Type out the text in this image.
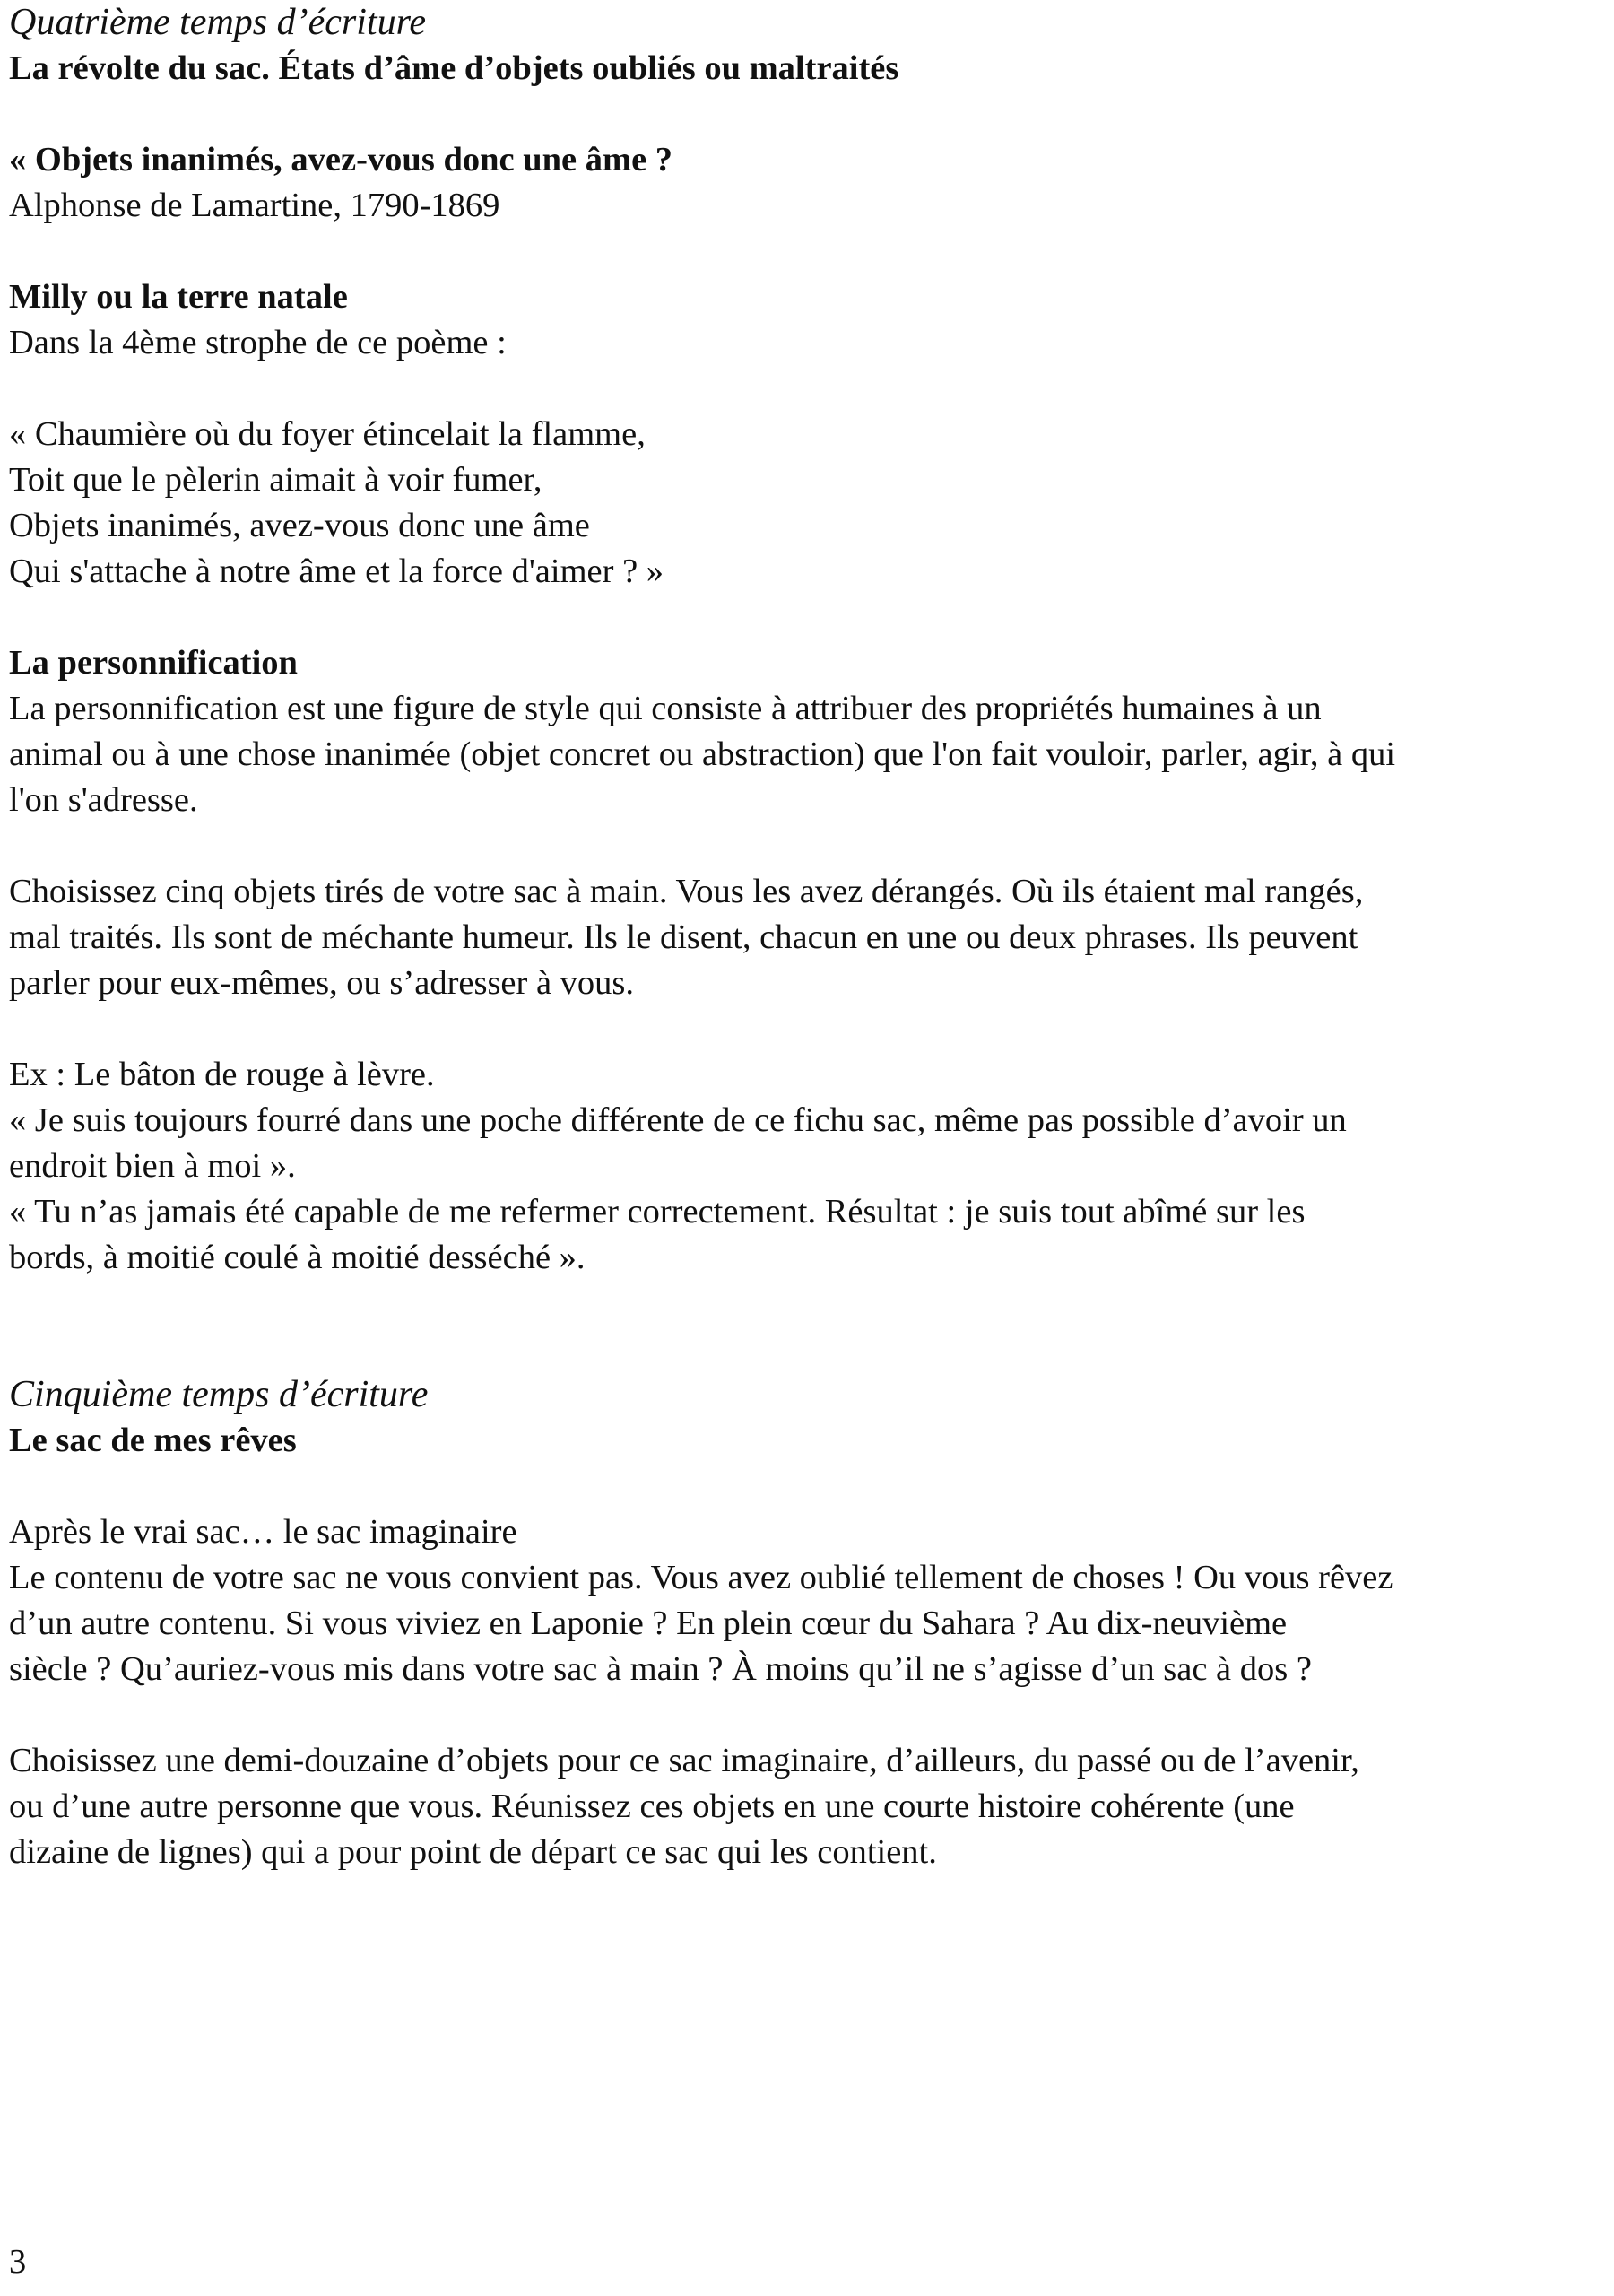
Quatrième temps d’écriture
La révolte du sac. États d’âme d’objets oubliés ou maltraités
« Objets inanimés, avez-vous donc une âme ?
Alphonse de Lamartine, 1790-1869
Milly ou la terre natale
Dans la 4ème strophe de ce poème :
« Chaumière où du foyer étincelait la flamme,
Toit que le pèlerin aimait à voir fumer,
Objets inanimés, avez-vous donc une âme
Qui s'attache à notre âme et la force d'aimer ? »
La personnification
La personnification est une figure de style qui consiste à attribuer des propriétés humaines à un
animal ou à une chose inanimée (objet concret ou abstraction) que l'on fait vouloir, parler, agir, à qui
l'on s'adresse.
Choisissez cinq objets tirés de votre sac à main. Vous les avez dérangés. Où ils étaient mal rangés,
mal traités. Ils sont de méchante humeur. Ils le disent, chacun en une ou deux phrases. Ils peuvent
parler pour eux-mêmes, ou s’adresser à vous.
Ex : Le bâton de rouge à lèvre.
« Je suis toujours fourré dans une poche différente de ce fichu sac, même pas possible d’avoir un
endroit bien à moi ».
« Tu n’as jamais été capable de me refermer correctement. Résultat : je suis tout abîmé sur les
bords, à moitié coulé à moitié desséché ».
Cinquième temps d’écriture
Le sac de mes rêves
Après le vrai sac… le sac imaginaire
Le contenu de votre sac ne vous convient pas. Vous avez oublié tellement de choses ! Ou vous rêvez
d’un autre contenu. Si vous viviez en Laponie ? En plein cœur du Sahara ? Au dix-neuvième
siècle ? Qu’auriez-vous mis dans votre sac à main ? À moins qu’il ne s’agisse d’un sac à dos ?
Choisissez une demi-douzaine d’objets pour ce sac imaginaire, d’ailleurs, du passé ou de l’avenir,
ou d’une autre personne que vous. Réunissez ces objets en une courte histoire cohérente (une
dizaine de lignes) qui a pour point de départ ce sac qui les contient.
3
